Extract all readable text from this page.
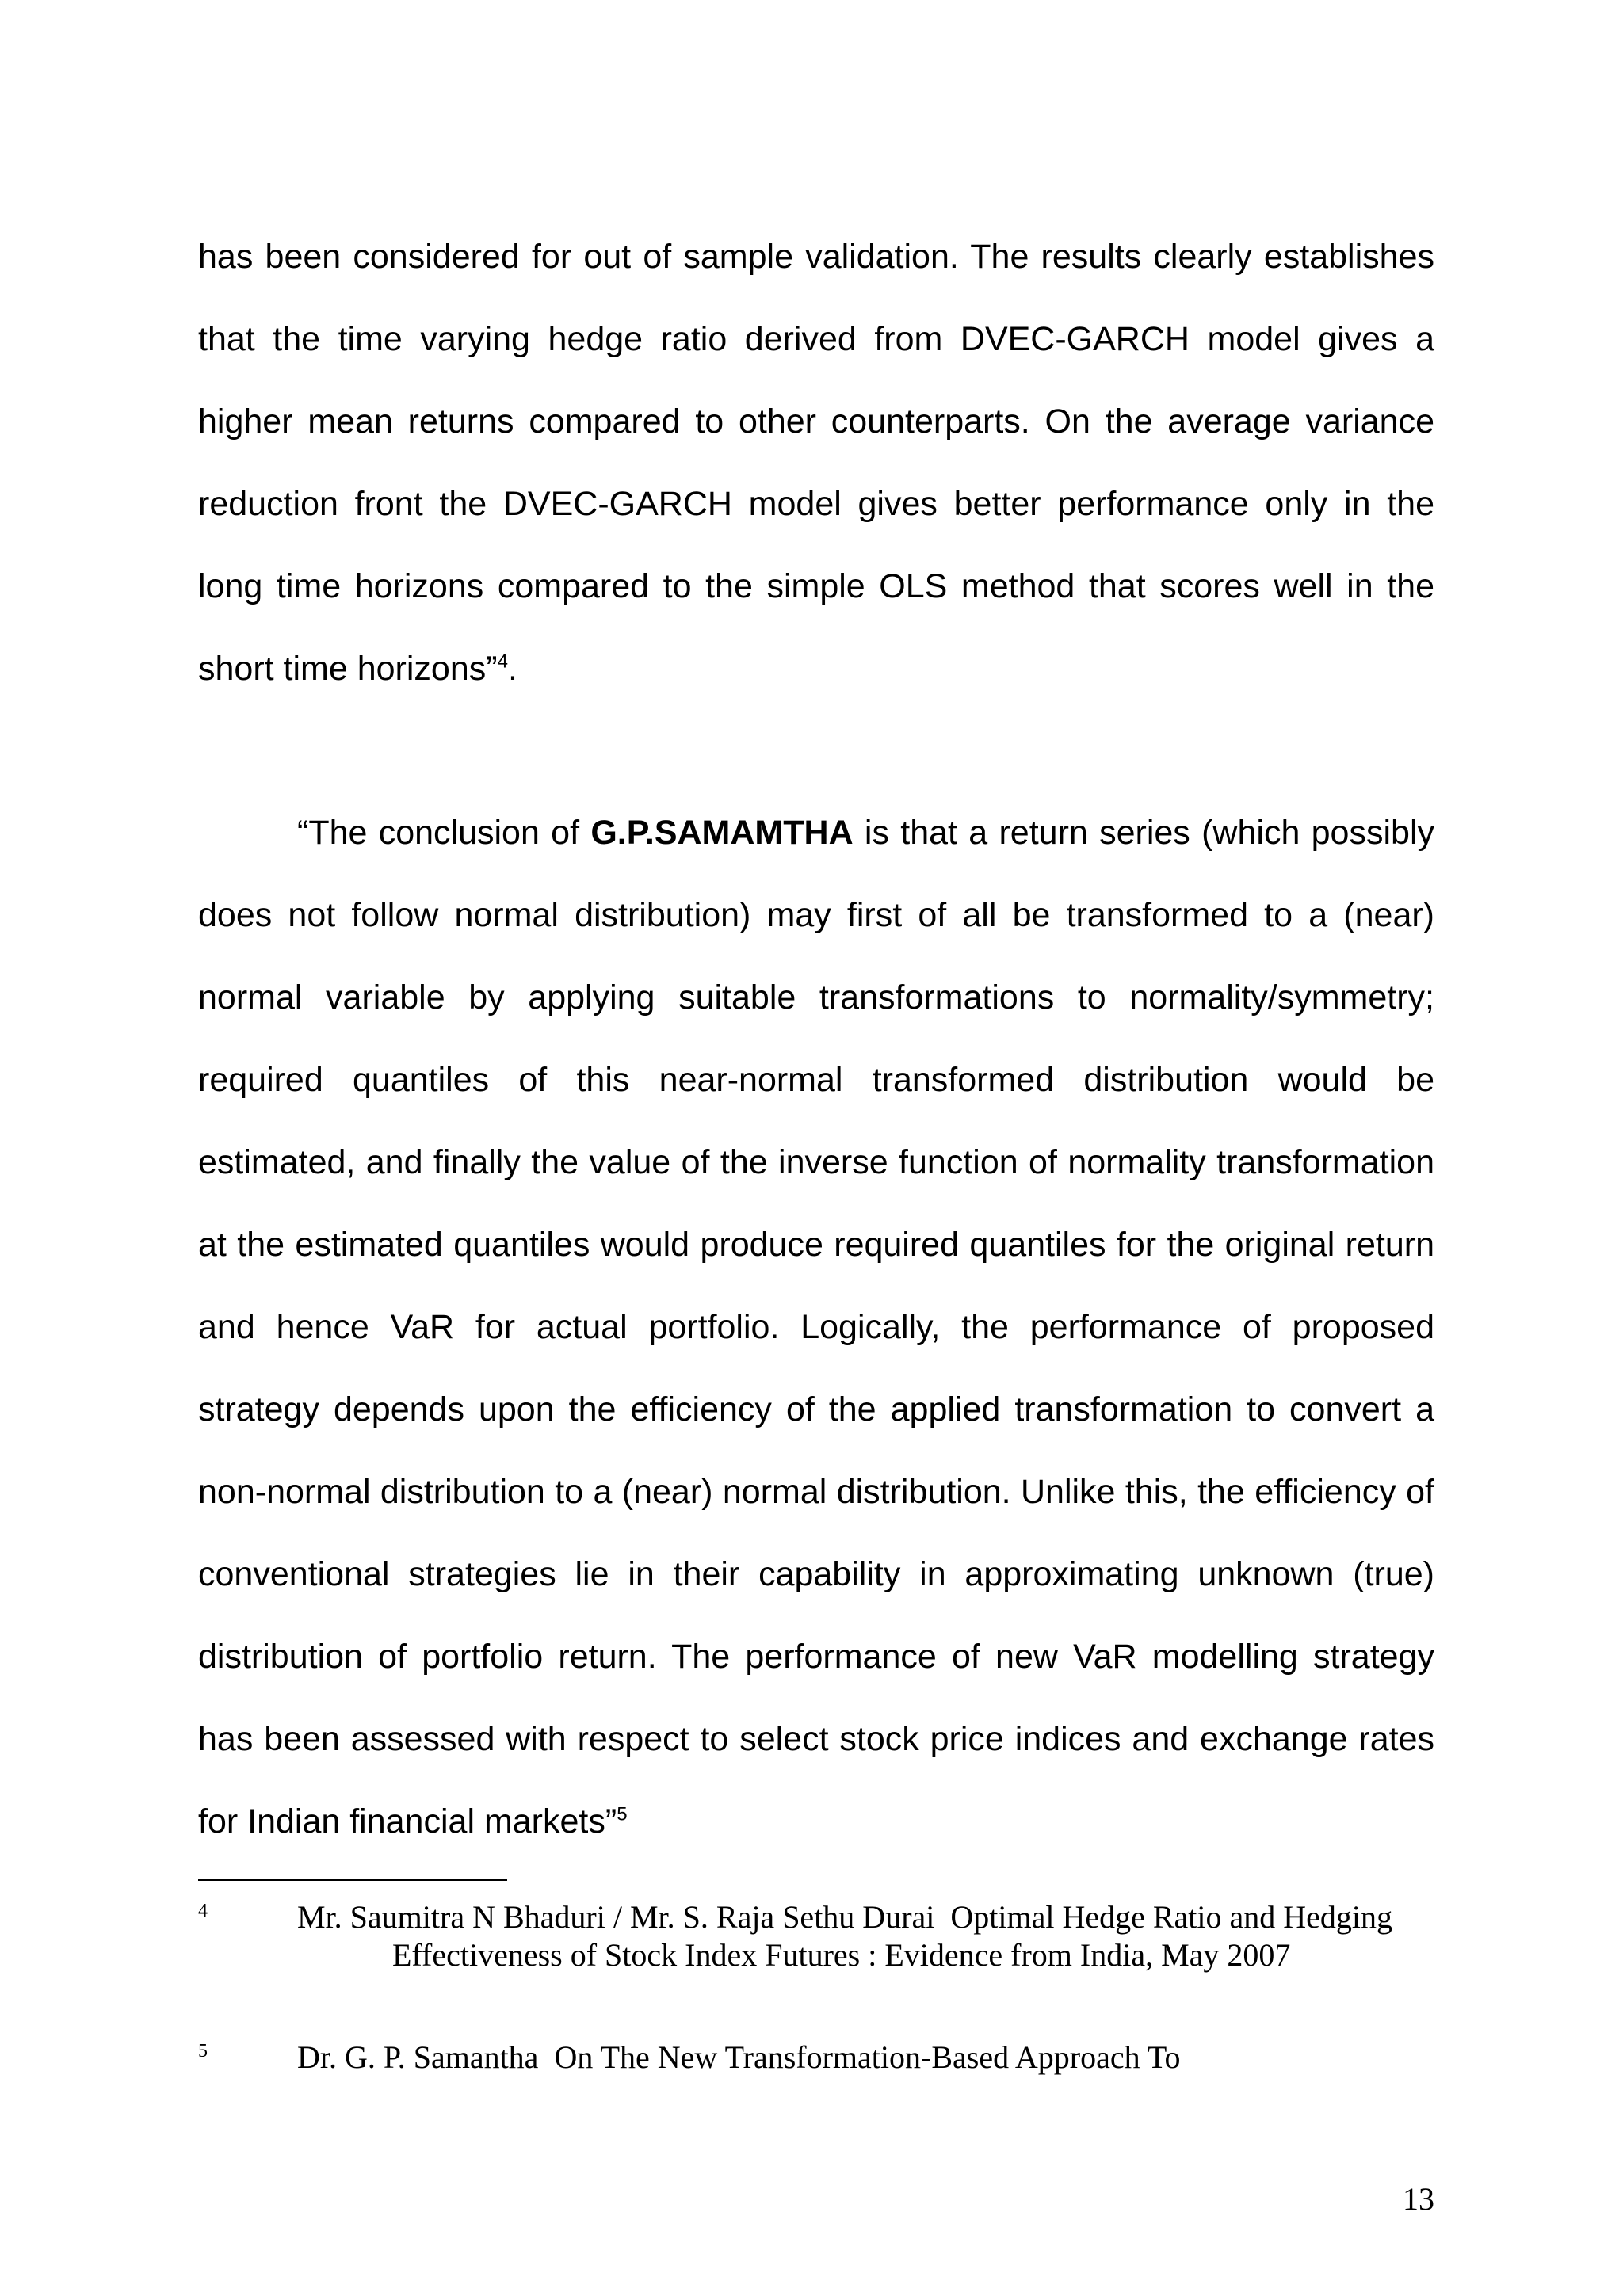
has been considered for out of sample validation. The results clearly establishes that the time varying hedge ratio derived from DVEC-GARCH model gives a higher mean returns compared to other counterparts. On the average variance reduction front the DVEC-GARCH model gives better performance only in the long time horizons compared to the simple OLS method that scores well in the short time horizons”$^4$.

“The conclusion of G.P.SAMAMTHA is that a return series (which possibly does not follow normal distribution) may first of all be transformed to a (near) normal variable by applying suitable transformations to normality/symmetry; required quantiles of this near-normal transformed distribution would be estimated, and finally the value of the inverse function of normality transformation at the estimated quantiles would produce required quantiles for the original return and hence VaR for actual portfolio. Logically, the performance of proposed strategy depends upon the efficiency of the applied transformation to convert a non-normal distribution to a (near) normal distribution. Unlike this, the efficiency of conventional strategies lie in their capability in approximating unknown (true) distribution of portfolio return. The performance of new VaR modelling strategy has been assessed with respect to select stock price indices and exchange rates for Indian financial markets”$^5$

4	Mr. Saumitra N Bhaduri / Mr. S. Raja Sethu Durai Optimal Hedge Ratio and HedgingEffectiveness of Stock Index Futures : Evidence from India, May 2007
5	Dr. G. P. Samantha On The New Transformation-Based Approach To

13
